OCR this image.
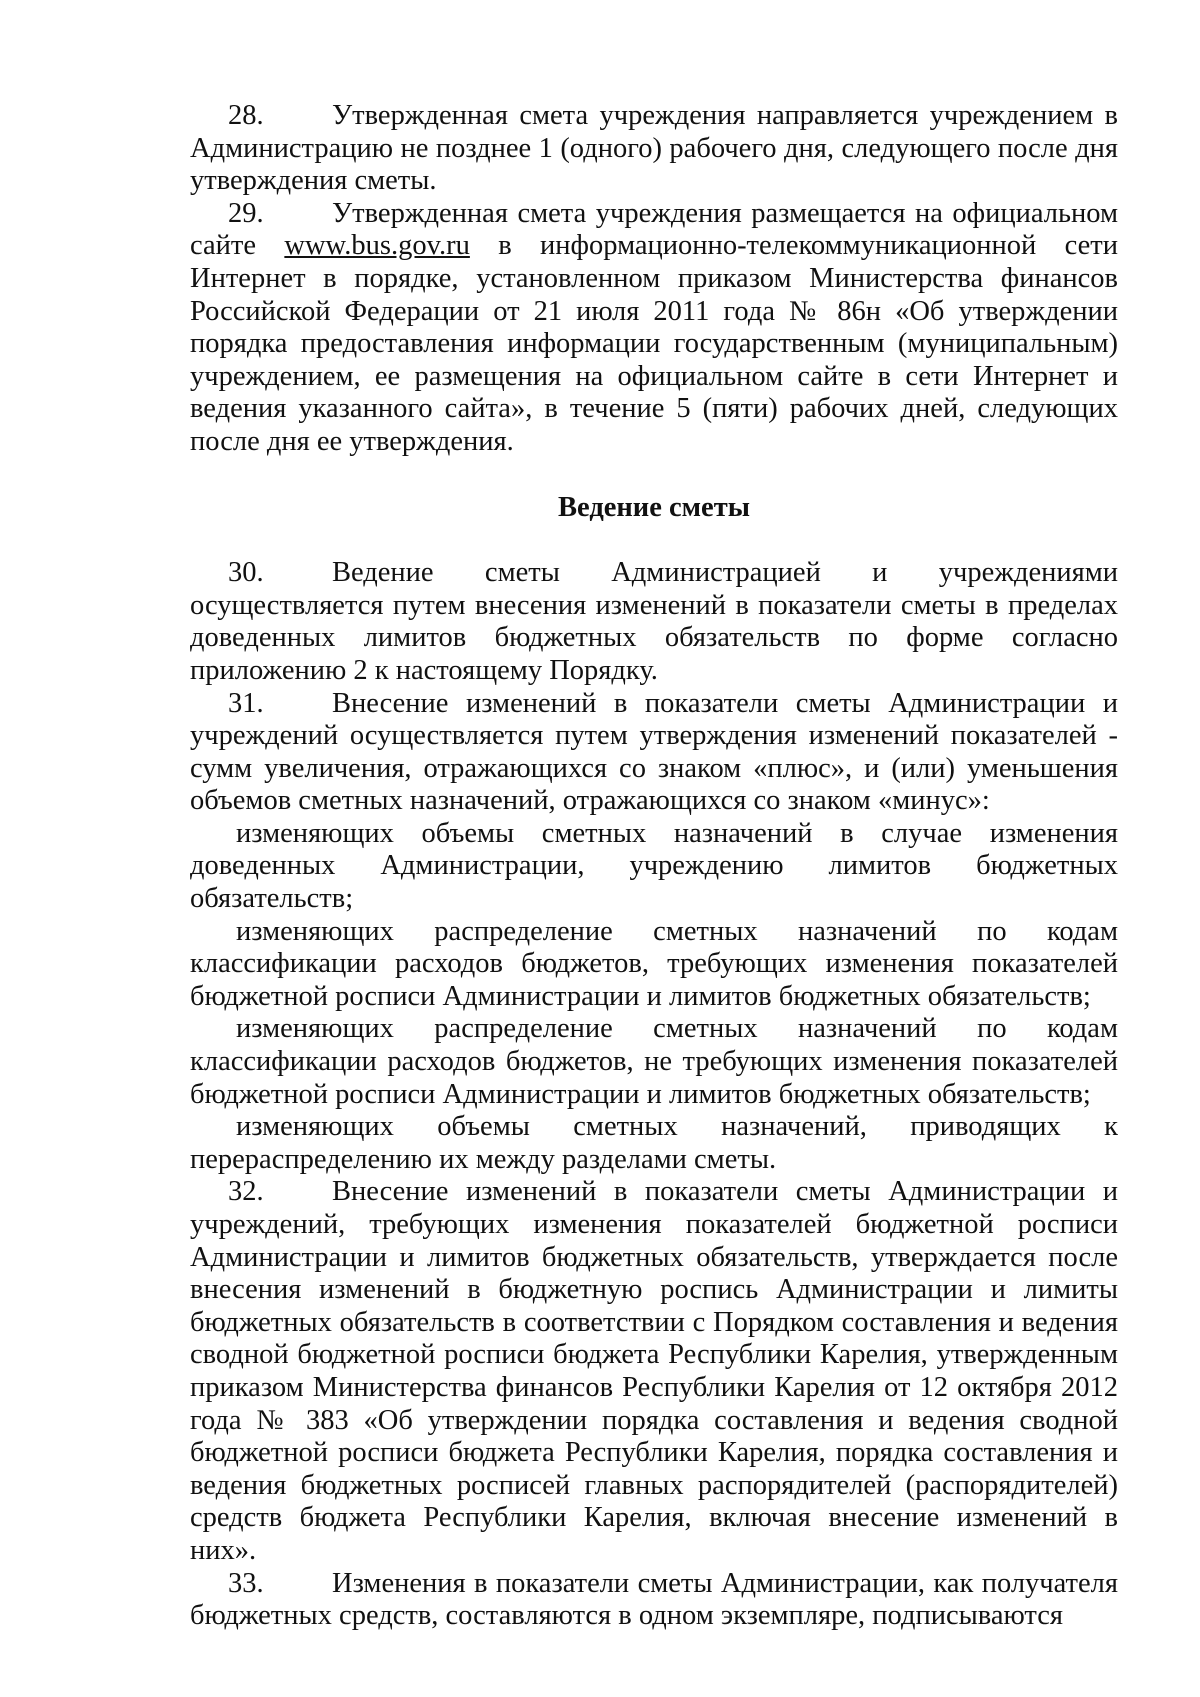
28. Утвержденная смета учреждения направляется учреждением в Администрацию не позднее 1 (одного) рабочего дня, следующего после дня утверждения сметы.

29. Утвержденная смета учреждения размещается на официальном сайте www.bus.gov.ru в информационно-телекоммуникационной сети Интернет в порядке, установленном приказом Министерства финансов Российской Федерации от 21 июля 2011 года № 86н «Об утверждении порядка предоставления информации государственным (муниципальным) учреждением, ее размещения на официальном сайте в сети Интернет и ведения указанного сайта», в течение 5 (пяти) рабочих дней, следующих после дня ее утверждения.

Ведение сметы

30. Ведение сметы Администрацией и учреждениями осуществляется путем внесения изменений в показатели сметы в пределах доведенных лимитов бюджетных обязательств по форме согласно приложению 2 к настоящему Порядку.

31. Внесение изменений в показатели сметы Администрации и учреждений осуществляется путем утверждения изменений показателей - сумм увеличения, отражающихся со знаком «плюс», и (или) уменьшения объемов сметных назначений, отражающихся со знаком «минус»:

изменяющих объемы сметных назначений в случае изменения доведенных Администрации, учреждению лимитов бюджетных обязательств;

изменяющих распределение сметных назначений по кодам классификации расходов бюджетов, требующих изменения показателей бюджетной росписи Администрации и лимитов бюджетных обязательств;

изменяющих распределение сметных назначений по кодам классификации расходов бюджетов, не требующих изменения показателей бюджетной росписи Администрации и лимитов бюджетных обязательств;

изменяющих объемы сметных назначений, приводящих к перераспределению их между разделами сметы.

32. Внесение изменений в показатели сметы Администрации и учреждений, требующих изменения показателей бюджетной росписи Администрации и лимитов бюджетных обязательств, утверждается после внесения изменений в бюджетную роспись Администрации и лимиты бюджетных обязательств в соответствии с Порядком составления и ведения сводной бюджетной росписи бюджета Республики Карелия, утвержденным приказом Министерства финансов Республики Карелия от 12 октября 2012 года № 383 «Об утверждении порядка составления и ведения сводной бюджетной росписи бюджета Республики Карелия, порядка составления и ведения бюджетных росписей главных распорядителей (распорядителей) средств бюджета Республики Карелия, включая внесение изменений в них».

33. Изменения в показатели сметы Администрации, как получателя бюджетных средств, составляются в одном экземпляре, подписываются
